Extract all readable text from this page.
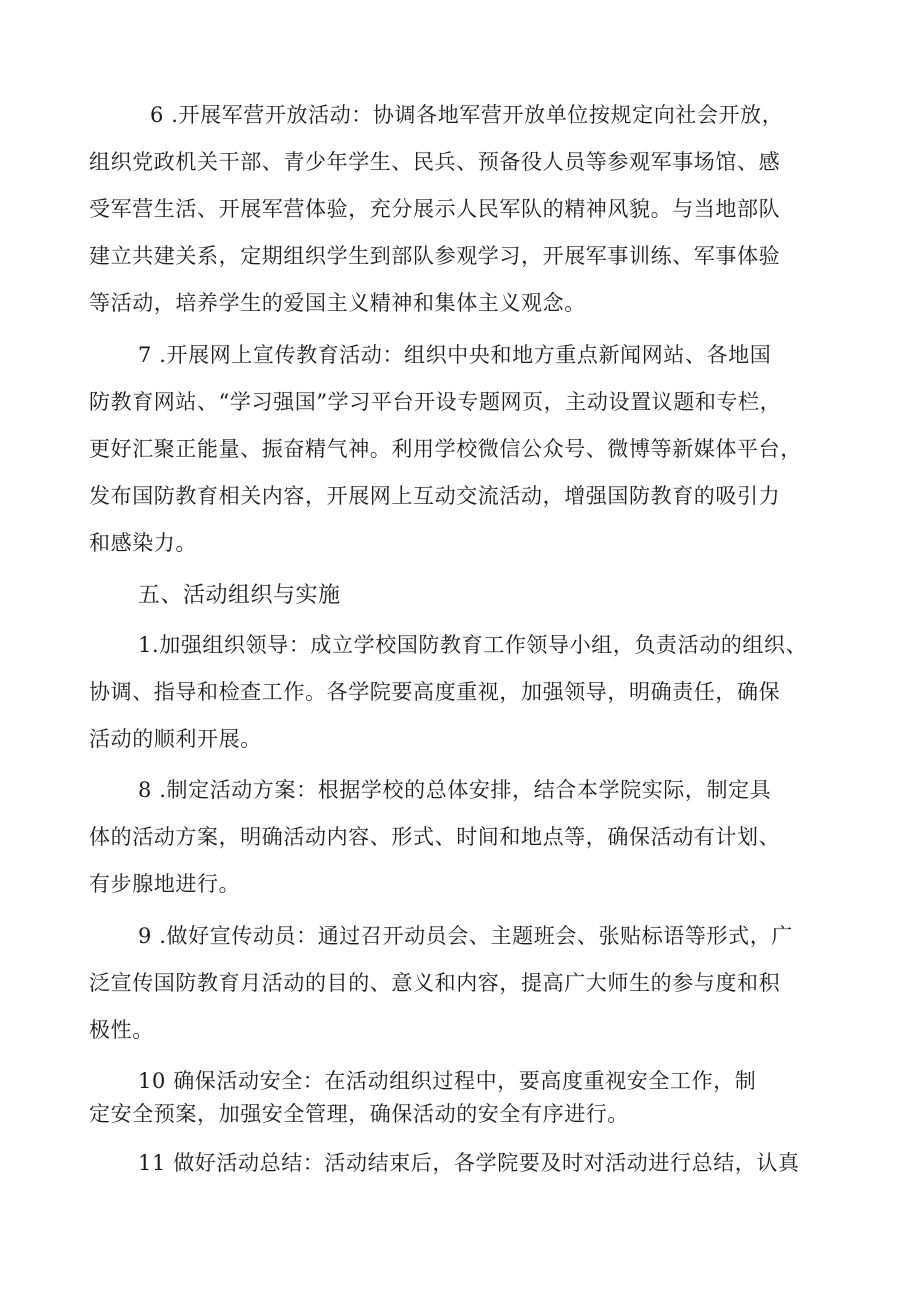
6 .开展军营开放活动：协调各地军营开放单位按规定向社会开放，
组织党政机关干部、青少年学生、民兵、预备役人员等参观军事场馆、感
受军营生活、开展军营体验，充分展示人民军队的精神风貌。与当地部队
建立共建关系，定期组织学生到部队参观学习，开展军事训练、军事体验
等活动，培养学生的爱国主义精神和集体主义观念。
7 .开展网上宣传教育活动：组织中央和地方重点新闻网站、各地国
防教育网站、“学习强国”学习平台开设专题网页，主动设置议题和专栏，
更好汇聚正能量、振奋精气神。利用学校微信公众号、微博等新媒体平台，
发布国防教育相关内容，开展网上互动交流活动，增强国防教育的吸引力
和感染力。
五、活动组织与实施
1.加强组织领导：成立学校国防教育工作领导小组，负责活动的组织、
协调、指导和检查工作。各学院要高度重视，加强领导，明确责任，确保
活动的顺利开展。
8 .制定活动方案：根据学校的总体安排，结合本学院实际，制定具
体的活动方案，明确活动内容、形式、时间和地点等，确保活动有计划、
有步腺地进行。
9 .做好宣传动员：通过召开动员会、主题班会、张贴标语等形式，广
泛宣传国防教育月活动的目的、意义和内容，提高广大师生的参与度和积
极性。
10 确保活动安全：在活动组织过程中，要高度重视安全工作，制
定安全预案，加强安全管理，确保活动的安全有序进行。
11 做好活动总结：活动结束后，各学院要及时对活动进行总结，认真
